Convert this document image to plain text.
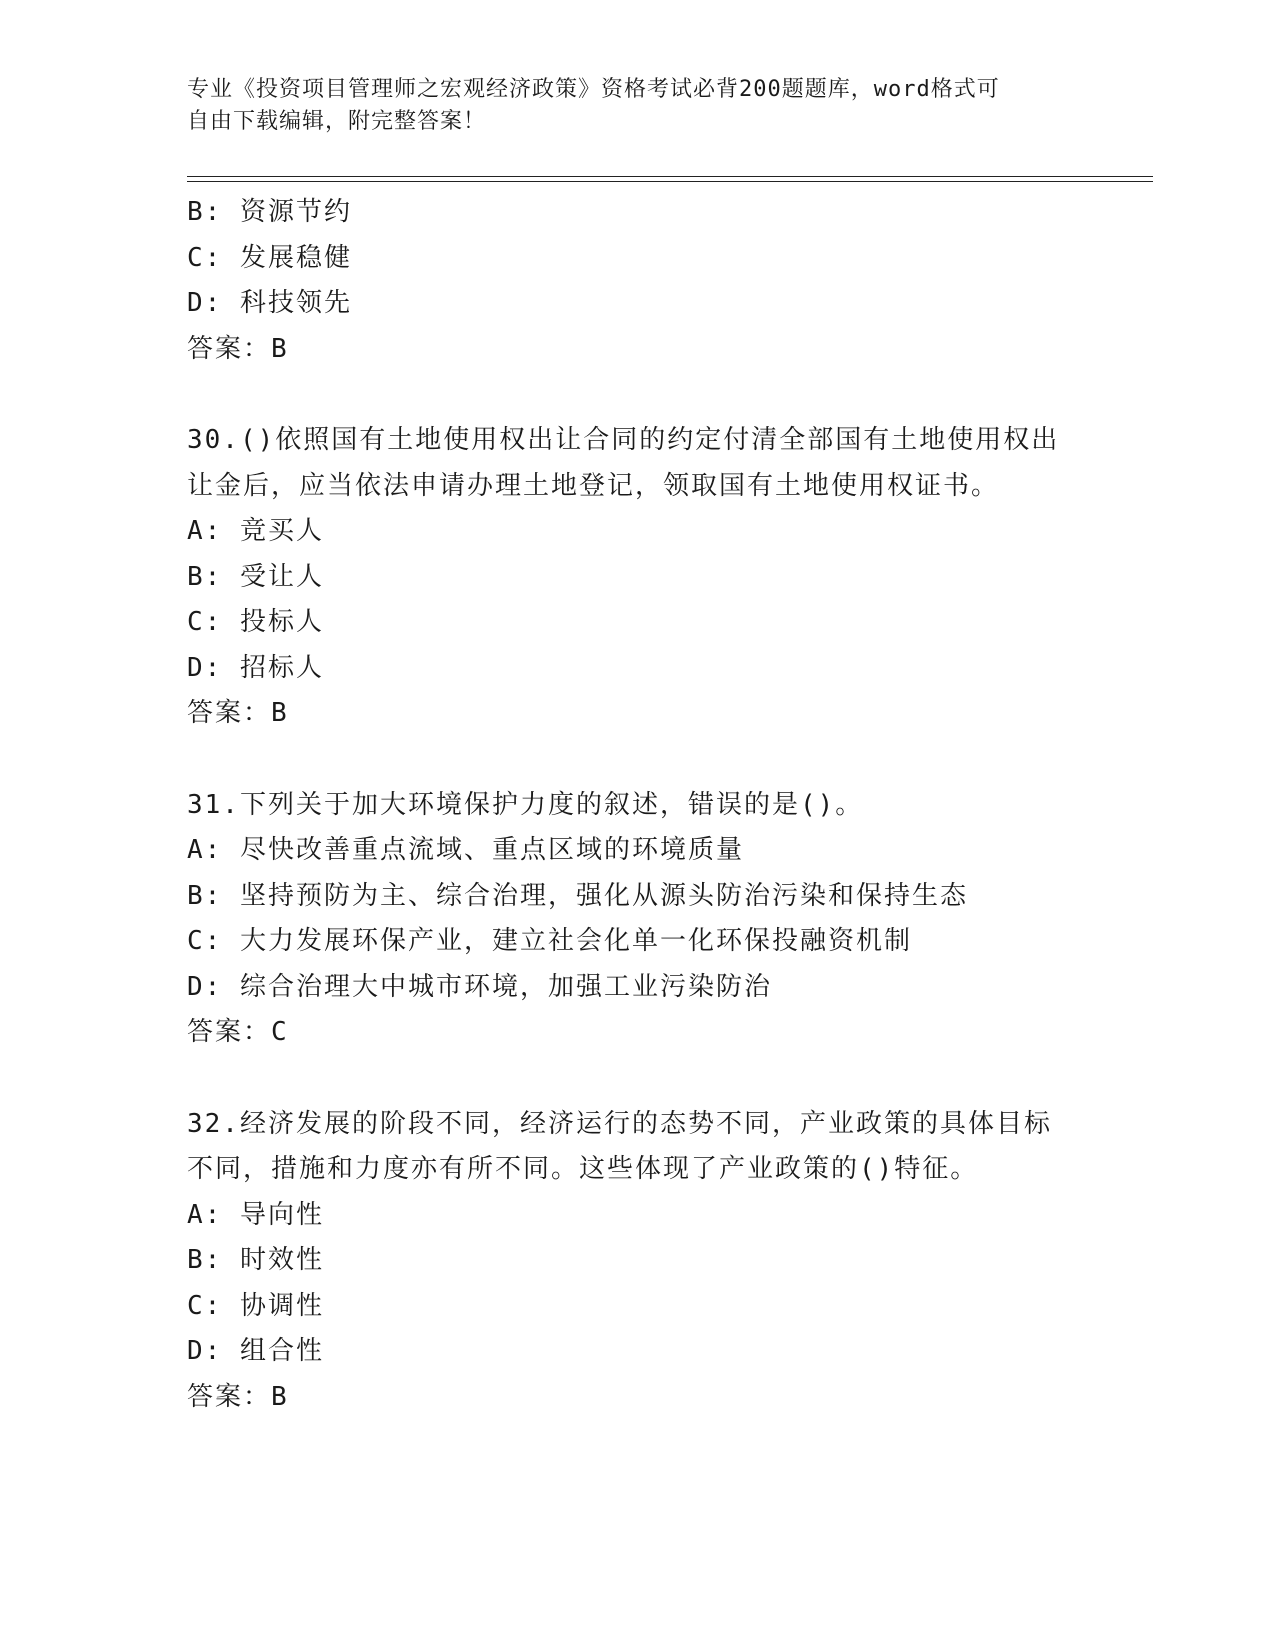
专业《投资项目管理师之宏观经济政策》资格考试必背200题题库，word格式可
自由下载编辑，附完整答案！
B: 资源节约
C: 发展稳健
D: 科技领先
答案：B
30.()依照国有土地使用权出让合同的约定付清全部国有土地使用权出
让金后，应当依法申请办理土地登记，领取国有土地使用权证书。
A: 竞买人
B: 受让人
C: 投标人
D: 招标人
答案：B
31.下列关于加大环境保护力度的叙述，错误的是()。
A: 尽快改善重点流域、重点区域的环境质量
B: 坚持预防为主、综合治理，强化从源头防治污染和保持生态
C: 大力发展环保产业，建立社会化单一化环保投融资机制
D: 综合治理大中城市环境，加强工业污染防治
答案：C
32.经济发展的阶段不同，经济运行的态势不同，产业政策的具体目标
不同，措施和力度亦有所不同。这些体现了产业政策的()特征。
A: 导向性
B: 时效性
C: 协调性
D: 组合性
答案：B
